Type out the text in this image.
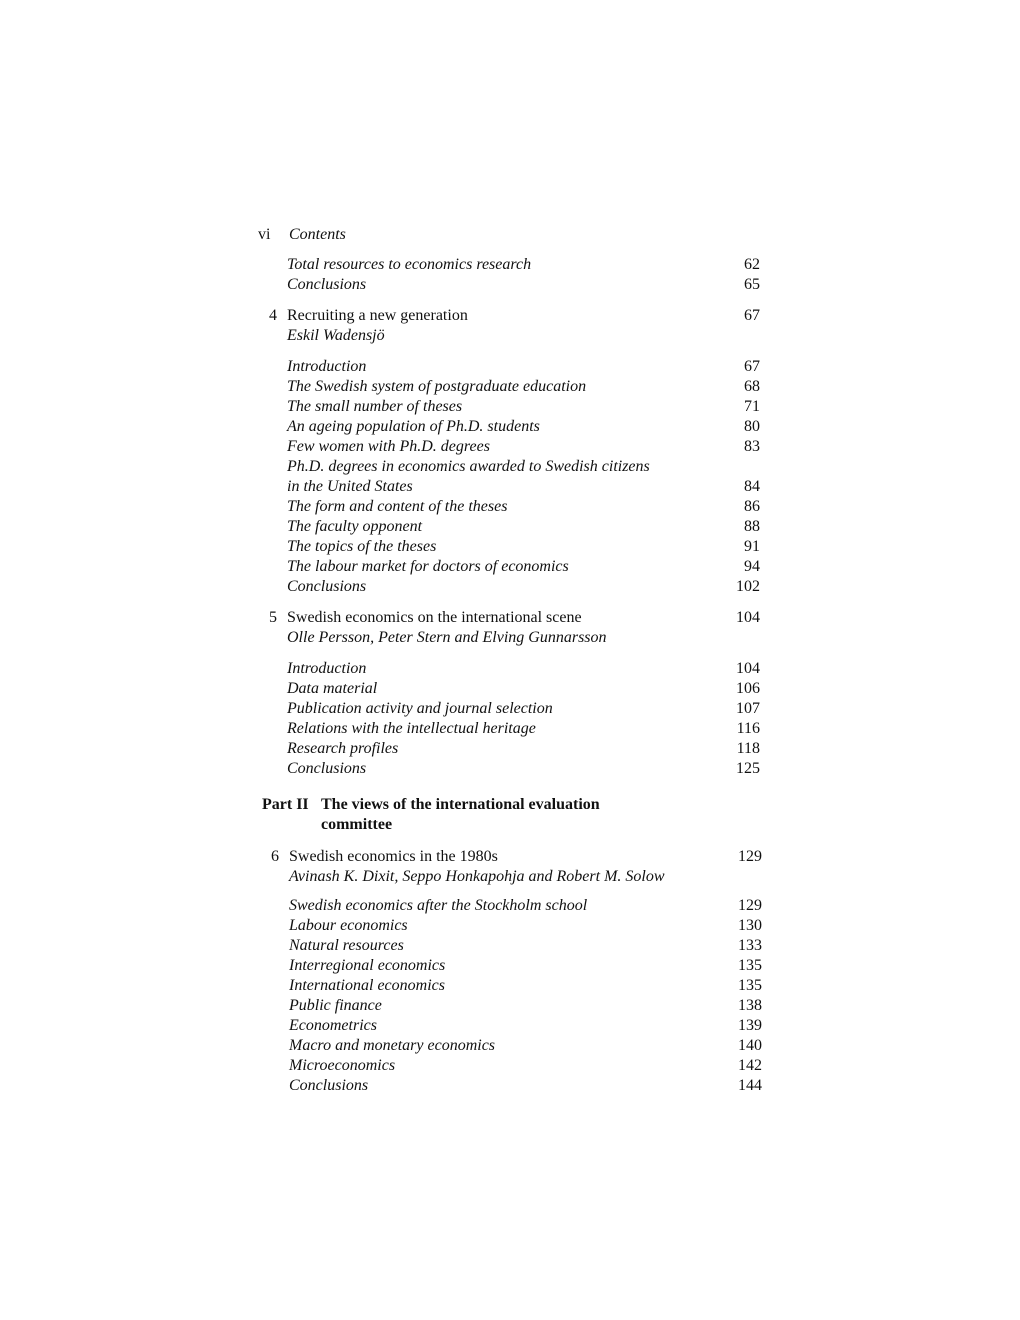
vi Contents
Total resources to economics research	62
Conclusions	65
4 Recruiting a new generation	67
Eskil Wadensjö
Introduction	67
The Swedish system of postgraduate education	68
The small number of theses	71
An ageing population of Ph.D. students	80
Few women with Ph.D. degrees	83
Ph.D. degrees in economics awarded to Swedish citizens
in the United States	84
The form and content of the theses	86
The faculty opponent	88
The topics of the theses	91
The labour market for doctors of economics	94
Conclusions	102
5 Swedish economics on the international scene	104
Olle Persson, Peter Stern and Elving Gunnarsson
Introduction	104
Data material	106
Publication activity and journal selection	107
Relations with the intellectual heritage	116
Research profiles	118
Conclusions	125
Part II The views of the international evaluation
committee
6 Swedish economics in the 1980s	129
Avinash K. Dixit, Seppo Honkapohja and Robert M. Solow
Swedish economics after the Stockholm school	129
Labour economics	130
Natural resources	133
Interregional economics	135
International economics	135
Public finance	138
Econometrics	139
Macro and monetary economics	140
Microeconomics	142
Conclusions	144
